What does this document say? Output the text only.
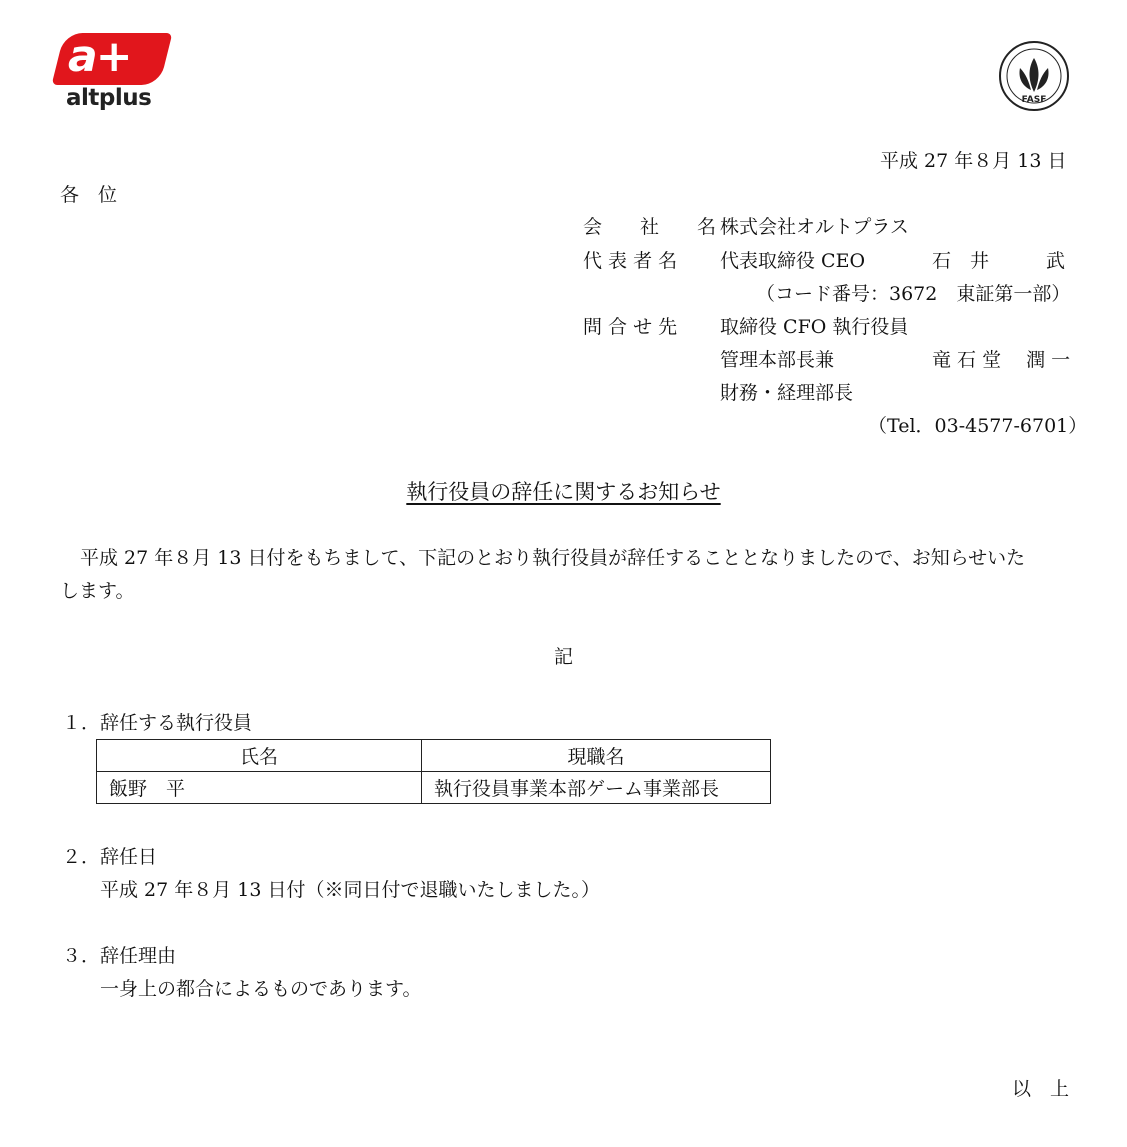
a+
altplus	FASF
平成 27 年８月 13 日
各　位
会　　社　　名 株式会社オルトプラス
代 表 者 名 代表取締役 CEO	石　井　　　武
（コード番号：3672　東証第一部）
問 合 せ 先 取締役 CFO 執行役員
管理本部長兼	竜 石 堂　 潤 一
財務・経理部長
（Tel．03-4577-6701）
執行役員の辞任に関するお知らせ
平成 27 年８月 13 日付をもちまして、下記のとおり執行役員が辞任することとなりましたので、お知らせいた
します。
記
１．辞任する執行役員
氏名	現職名
飯野　平	執行役員事業本部ゲーム事業部長
２．辞任日
平成 27 年８月 13 日付（※同日付で退職いたしました。）
３．辞任理由
一身上の都合によるものであります。
以　上
